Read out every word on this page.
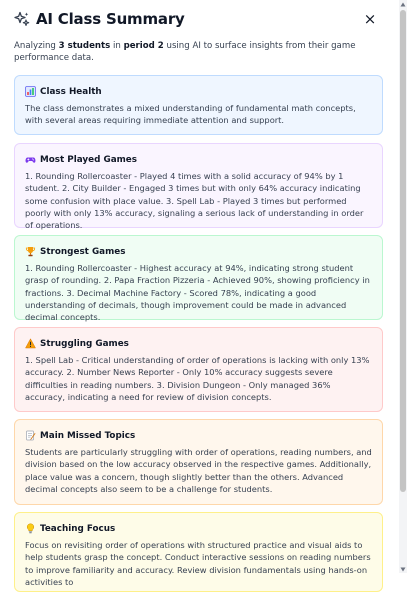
AI Class Summary	×

Analyzing 3 students in period 2 using AI to surface insights from their game performance data.

Class Health
The class demonstrates a mixed understanding of fundamental math concepts, with several areas requiring immediate attention and support.
Most Played Games
1. Rounding Rollercoaster - Played 4 times with a solid accuracy of 94% by 1 student. 2. City Builder - Engaged 3 times but with only 64% accuracy indicating some confusion with place value. 3. Spell Lab - Played 3 times but performed poorly with only 13% accuracy, signaling a serious lack of understanding in order of operations.
Strongest Games
1. Rounding Rollercoaster - Highest accuracy at 94%, indicating strong student grasp of rounding. 2. Papa Fraction Pizzeria - Achieved 90%, showing proficiency in fractions. 3. Decimal Machine Factory - Scored 78%, indicating a good understanding of decimals, though improvement could be made in advanced decimal concepts.
Struggling Games
1. Spell Lab - Critical understanding of order of operations is lacking with only 13% accuracy. 2. Number News Reporter - Only 10% accuracy suggests severe difficulties in reading numbers. 3. Division Dungeon - Only managed 36% accuracy, indicating a need for review of division concepts.
Main Missed Topics
Students are particularly struggling with order of operations, reading numbers, and division based on the low accuracy observed in the respective games. Additionally, place value was a concern, though slightly better than the others. Advanced decimal concepts also seem to be a challenge for students.
Teaching Focus
Focus on revisiting order of operations with structured practice and visual aids to help students grasp the concept. Conduct interactive sessions on reading numbers to improve familiarity and accuracy. Review division fundamentals using hands-on activities to
